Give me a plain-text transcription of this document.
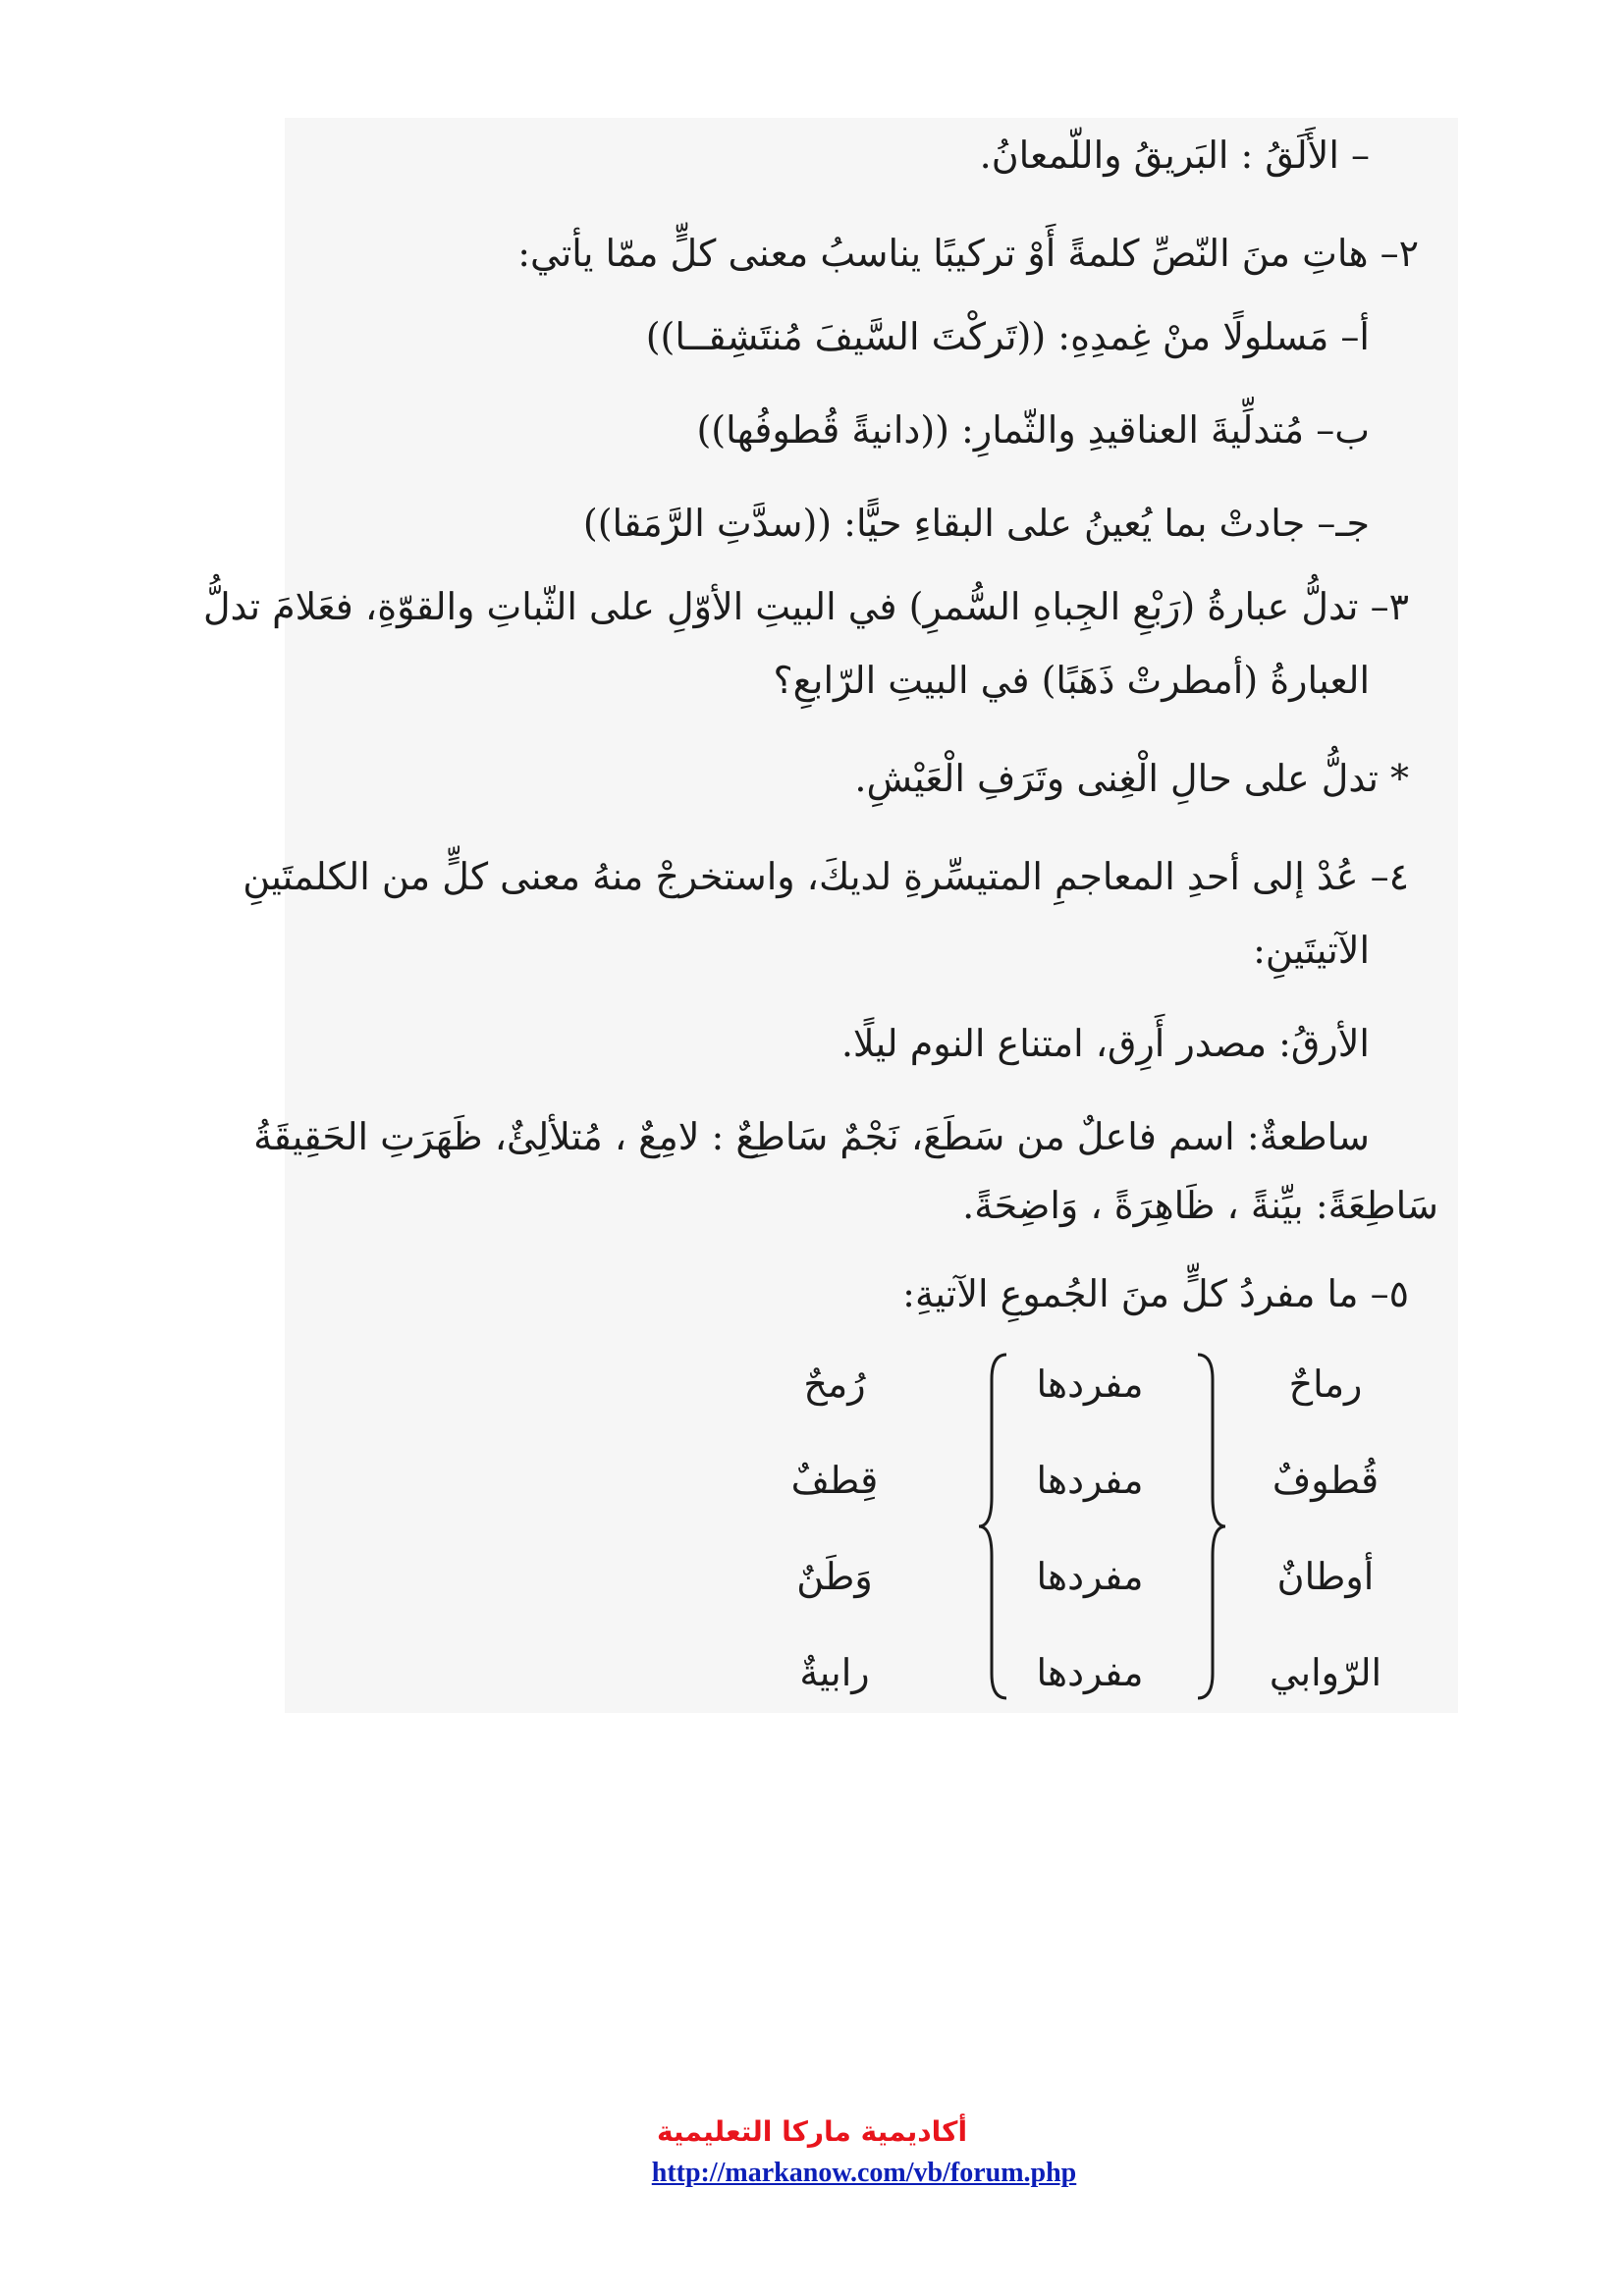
– الأَلَقُ : البَريقُ واللّمعانُ.
٢– هاتِ منَ النّصِّ كلمةً أَوْ تركيبًا يناسبُ معنى كلٍّ ممّا يأتي:
أ– مَسلولًا منْ غِمدِهِ: ((تَركْتَ السَّيفَ مُنتَشِقــا))
ب– مُتدلِّيةَ العناقيدِ والثّمارِ: ((دانيةً قُطوفُها))
جـ– جادتْ بما يُعينُ على البقاءِ حيًّا: ((سدَّتِ الرَّمَقا))
٣– تدلُّ عبارةُ (رَبْعِ الجِباهِ السُّمرِ) في البيتِ الأوّلِ على الثّباتِ والقوّةِ، فعَلامَ تدلُّ
العبارةُ (أمطرتْ ذَهَبًا) في البيتِ الرّابعِ؟
* تدلُّ على حالِ الْغِنى وتَرَفِ الْعَيْشِ.
٤– عُدْ إلى أحدِ المعاجمِ المتيسِّرةِ لديكَ، واستخرجْ منهُ معنى كلٍّ من الكلمتَينِ
الآتيتَينِ:
الأرقُ: مصدر أَرِق، امتناع النوم ليلًا.
ساطعةٌ: اسم فاعلٌ من سَطَعَ، نَجْمٌ سَاطِعٌ : لامِعٌ ، مُتلألِئٌ، ظَهَرَتِ الحَقِيقَةُ
سَاطِعَةً: بيِّنةً ، ظَاهِرَةً ، وَاضِحَةً.
٥– ما مفردُ كلٍّ منَ الجُموعِ الآتيةِ:
رماحٌ
مفردها
رُمحٌ
قُطوفٌ
مفردها
قِطفٌ
أوطانٌ
مفردها
وَطَنٌ
الرّوابي
مفردها
رابيةٌ
أكاديمية ماركا التعليمية
http://markanow.com/vb/forum.php
